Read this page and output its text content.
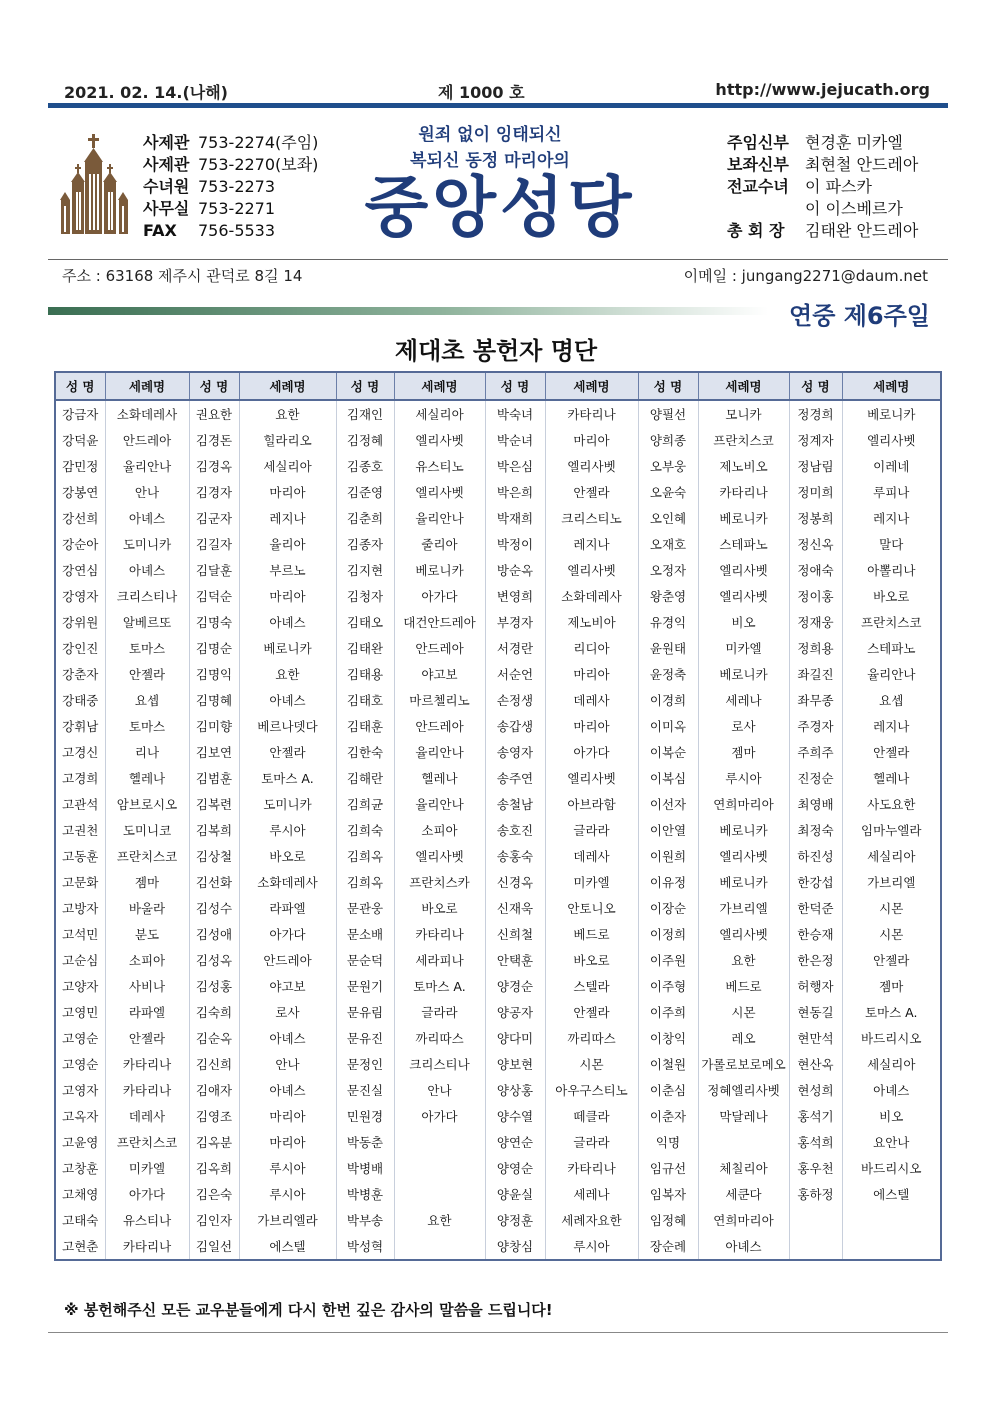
2021. 02. 14.(나해)	제 1000 호	http://www.jejucath.org
사제관 753-2274(주임)
사제관 753-2270(보좌)
수녀원 753-2273
사무실 753-2271
FAX	756-5533
원죄 없이 잉태되신
복되신 동정 마리아의
중앙성당
주임신부	현경훈 미카엘
보좌신부	최현철 안드레아
전교수녀	이 파스카
이 이스베르가
총 회 장	김태완 안드레아
주소 : 63168 제주시 관덕로 8길 14	이메일 : jungang2271@daum.net
연중 제6주일
제대초 봉헌자 명단
성 명	세례명	성 명	세례명	성 명	세례명	성 명	세례명	성 명	세례명	성 명	세례명
강금자	소화데레사	권요한	요한	김재인	세실리아	박숙녀	카타리나	양필선	모니카	정경희	베로니카
강덕윤	안드레아	김경돈	힐라리오	김정혜	엘리사벳	박순녀	마리아	양희종	프란치스코	정계자	엘리사벳
감민정	율리안나	김경옥	세실리아	김종호	유스티노	박은심	엘리사벳	오부웅	제노비오	정남림	이레네
강봉연	안나	김경자	마리아	김준영	엘리사벳	박은희	안젤라	오윤숙	카타리나	정미희	루피나
강선희	아녜스	김군자	레지나	김춘희	율리안나	박재희	크리스티노	오인혜	베로니카	정봉희	레지나
강순아	도미니카	김길자	율리아	김종자	줄리아	박정이	레지나	오재호	스테파노	정신옥	말다
강연심	아녜스	김달훈	부르노	김지현	베로니카	방순옥	엘리사벳	오정자	엘리사벳	정애숙	아뽈리나
강영자	크리스티나	김덕순	마리아	김청자	아가다	변영희	소화데레사	왕춘영	엘리사벳	정이홍	바오로
강위원	알베르또	김명숙	아녜스	김태오	대건안드레아	부경자	제노비아	유경익	비오	정재웅	프란치스코
강인진	토마스	김명순	베로니카	김태완	안드레아	서경란	리디아	윤원태	미카엘	정희용	스테파노
강춘자	안젤라	김명익	요한	김태용	야고보	서순언	마리아	윤정축	베로니카	좌길진	율리안나
강태중	요셉	김명혜	아녜스	김태호	마르첼리노	손정생	데레사	이경희	세레나	좌무종	요셉
강휘남	토마스	김미향	베르나뎃다	김태훈	안드레아	송갑생	마리아	이미옥	로사	주경자	레지나
고경신	리나	김보연	안젤라	김한숙	율리안나	송영자	아가다	이복순	젬마	주희주	안젤라
고경희	헬레나	김범훈	토마스 A.	김해란	헬레나	송주연	엘리사벳	이복심	루시아	진정순	헬레나
고관석	암브로시오	김복련	도미니카	김희균	율리안나	송철남	아브라함	이선자	연희마리아	최영배	사도요한
고권천	도미니코	김복희	루시아	김희숙	소피아	송호진	글라라	이안열	베로니카	최정숙	임마누엘라
고동훈	프란치스코	김상철	바오로	김희옥	엘리사벳	송홍숙	데레사	이원희	엘리사벳	하진성	세실리아
고문화	젬마	김선화	소화데레사	김희옥	프란치스카	신경옥	미카엘	이유정	베로니카	한강섭	가브리엘
고방자	바울라	김성수	라파엘	문관웅	바오로	신재욱	안토니오	이장순	가브리엘	한덕준	시몬
고석민	분도	김성애	아가다	문소배	카타리나	신희철	베드로	이정희	엘리사벳	한승재	시몬
고순심	소피아	김성옥	안드레아	문순덕	세라피나	안택훈	바오로	이주원	요한	한은정	안젤라
고양자	사비나	김성홍	야고보	문원기	토마스 A.	양경순	스텔라	이주형	베드로	허행자	젬마
고영민	라파엘	김숙희	로사	문유림	글라라	양공자	안젤라	이주희	시몬	현동길	토마스 A.
고영순	안젤라	김순옥	아녜스	문유진	까리따스	양다미	까리따스	이창익	레오	현만석	바드리시오
고영순	카타리나	김신희	안나	문정인	크리스티나	양보현	시몬	이철원	가롤로보로메오	현산옥	세실리아
고영자	카타리나	김애자	아녜스	문진실	안나	양상홍	아우구스티노	이춘심	정혜엘리사벳	현성희	아녜스
고옥자	데레사	김영조	마리아	민원경	아가다	양수열	떼클라	이춘자	막달레나	홍석기	비오
고윤영	프란치스코	김옥분	마리아	박동춘		양연순	글라라	익명		홍석희	요안나
고창훈	미카엘	김옥희	루시아	박병배		양영순	카타리나	임규선	체칠리아	홍우천	바드리시오
고채영	아가다	김은숙	루시아	박병훈		양윤실	세레나	임복자	세쿤다	홍하정	에스텔
고태숙	유스티나	김인자	가브리엘라	박부송	요한	양정훈	세례자요한	임정혜	연희마리아		
고현춘	카타리나	김일선	에스텔	박성혁		양창심	루시아	장순례	아녜스		
※ 봉헌해주신 모든 교우분들에게 다시 한번 깊은 감사의 말씀을 드립니다!
